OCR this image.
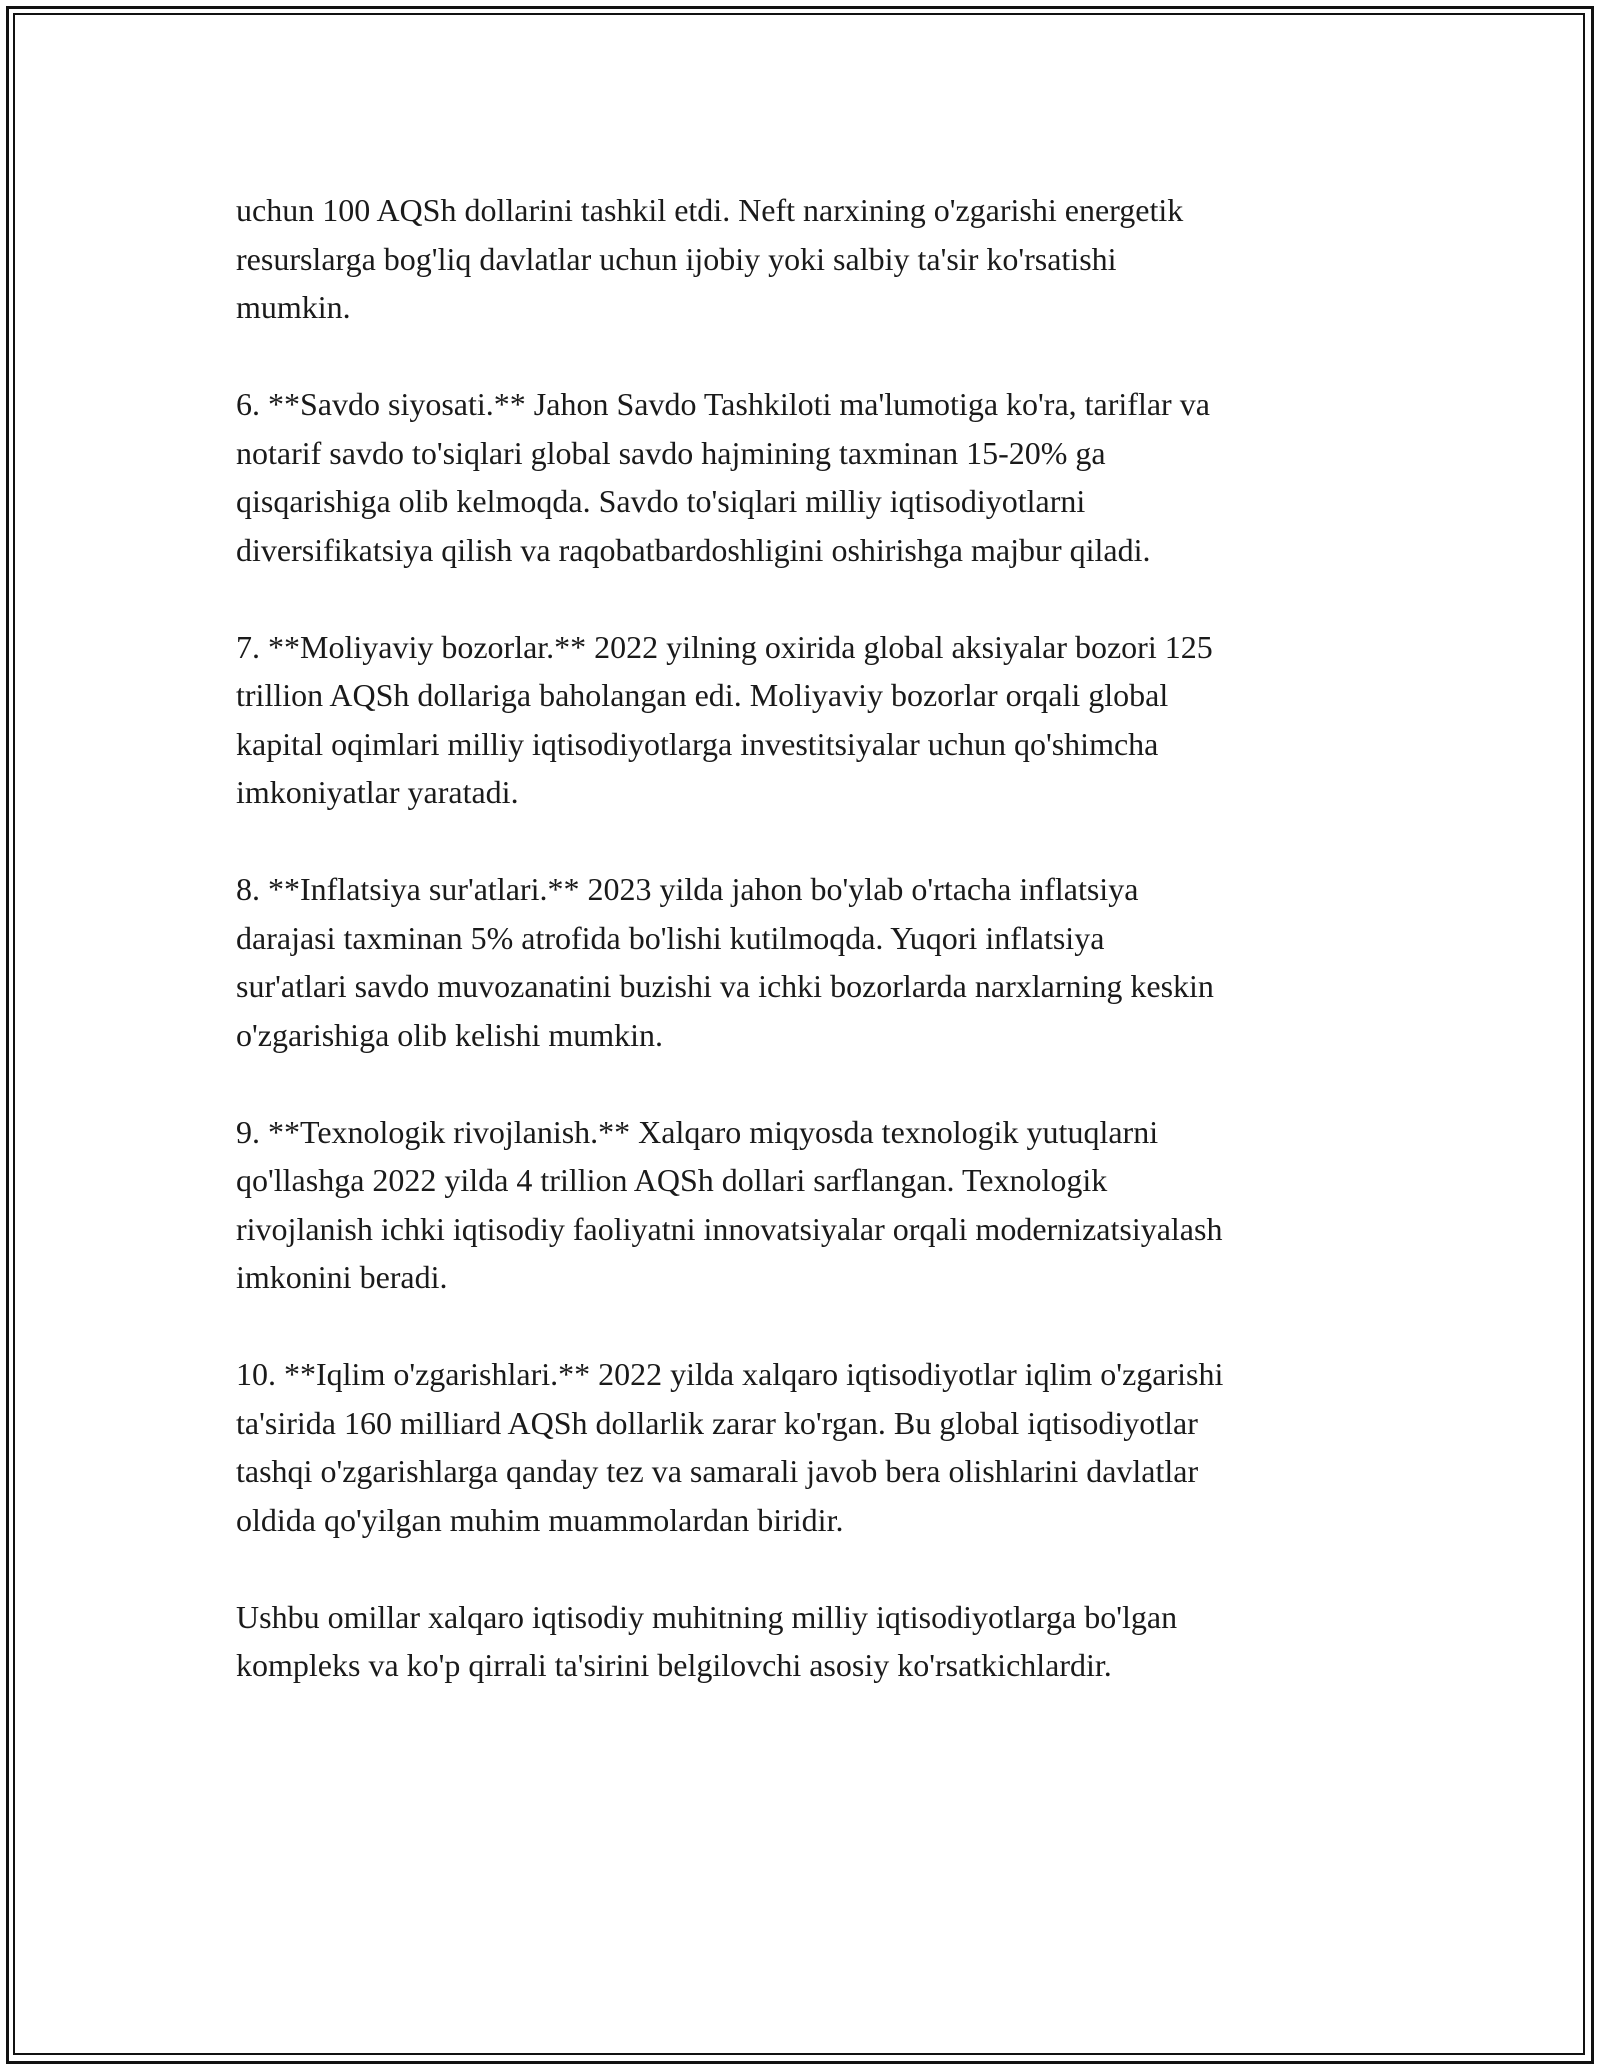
uchun 100 AQSh dollarini tashkil etdi. Neft narxining o'zgarishi energetik
resurslarga bog'liq davlatlar uchun ijobiy yoki salbiy ta'sir ko'rsatishi
mumkin.

6. **Savdo siyosati.** Jahon Savdo Tashkiloti ma'lumotiga ko'ra, tariflar va
notarif savdo to'siqlari global savdo hajmining taxminan 15-20% ga
qisqarishiga olib kelmoqda. Savdo to'siqlari milliy iqtisodiyotlarni
diversifikatsiya qilish va raqobatbardoshligini oshirishga majbur qiladi.

7. **Moliyaviy bozorlar.** 2022 yilning oxirida global aksiyalar bozori 125
trillion AQSh dollariga baholangan edi. Moliyaviy bozorlar orqali global
kapital oqimlari milliy iqtisodiyotlarga investitsiyalar uchun qo'shimcha
imkoniyatlar yaratadi.

8. **Inflatsiya sur'atlari.** 2023 yilda jahon bo'ylab o'rtacha inflatsiya
darajasi taxminan 5% atrofida bo'lishi kutilmoqda. Yuqori inflatsiya
sur'atlari savdo muvozanatini buzishi va ichki bozorlarda narxlarning keskin
o'zgarishiga olib kelishi mumkin.

9. **Texnologik rivojlanish.** Xalqaro miqyosda texnologik yutuqlarni
qo'llashga 2022 yilda 4 trillion AQSh dollari sarflangan. Texnologik
rivojlanish ichki iqtisodiy faoliyatni innovatsiyalar orqali modernizatsiyalash
imkonini beradi.

10. **Iqlim o'zgarishlari.** 2022 yilda xalqaro iqtisodiyotlar iqlim o'zgarishi
ta'sirida 160 milliard AQSh dollarlik zarar ko'rgan. Bu global iqtisodiyotlar
tashqi o'zgarishlarga qanday tez va samarali javob bera olishlarini davlatlar
oldida qo'yilgan muhim muammolardan biridir.

Ushbu omillar xalqaro iqtisodiy muhitning milliy iqtisodiyotlarga bo'lgan
kompleks va ko'p qirrali ta'sirini belgilovchi asosiy ko'rsatkichlardir.
